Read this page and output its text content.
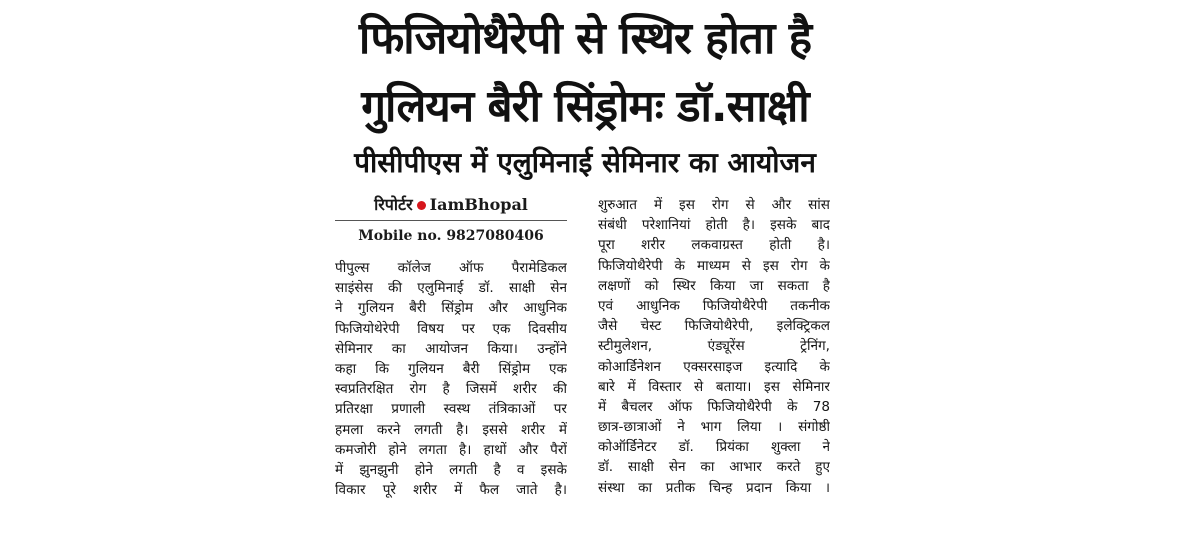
फिजियोथैरेपी से स्थिर होता है
गुलियन बैरी सिंड्रोमः डॉ.साक्षी
पीसीपीएस में एलुमिनाई सेमिनार का आयोजन
रिपोर्टर IamBhopal
Mobile no. 9827080406
पीपुल्स कॉलेज ऑफ पैरामेडिकल
साइंसेस की एलुमिनाई डॉ. साक्षी सेन
ने गुलियन बैरी सिंड्रोम और आधुनिक
फिजियोथेरेपी विषय पर एक दिवसीय
सेमिनार का आयोजन किया। उन्होंने
कहा कि गुलियन बैरी सिंड्रोम एक
स्वप्रतिरक्षित रोग है जिसमें शरीर की
प्रतिरक्षा प्रणाली स्वस्थ तंत्रिकाओं पर
हमला करने लगती है। इससे शरीर में
कमजोरी होने लगता है। हाथों और पैरों
में झुनझुनी होने लगती है व इसके
विकार पूरे शरीर में फैल जाते है।
शुरुआत में इस रोग से और सांस
संबंधी परेशानियां होती है। इसके बाद
पूरा शरीर लकवाग्रस्त होती है।
फिजियोथैरेपी के माध्यम से इस रोग के
लक्षणों को स्थिर किया जा सकता है
एवं आधुनिक फिजियोथैरेपी तकनीक
जैसे चेस्ट फिजियोथैरेपी, इलेक्ट्रिकल
स्टीमुलेशन, एंड्यूरेंस ट्रेनिंग,
कोआर्डिनेशन एक्सरसाइज इत्यादि के
बारे में विस्तार से बताया। इस सेमिनार
में बैचलर ऑफ फिजियोथैरेपी के 78
छात्र-छात्राओं ने भाग लिया । संगोष्ठी
कोऑर्डिनेटर डॉ. प्रियंका शुक्ला ने
डॉ. साक्षी सेन का आभार करते हुए
संस्था का प्रतीक चिन्ह प्रदान किया ।
